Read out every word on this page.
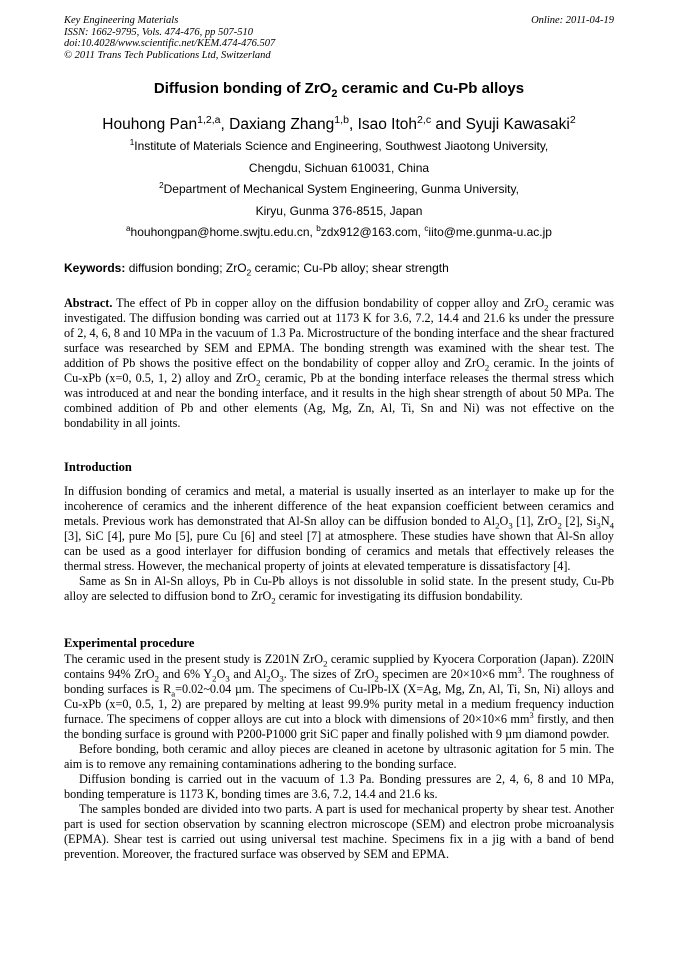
Key Engineering Materials
ISSN: 1662-9795, Vols. 474-476, pp 507-510
doi:10.4028/www.scientific.net/KEM.474-476.507
© 2011 Trans Tech Publications Ltd, Switzerland
Online: 2011-04-19
Diffusion bonding of ZrO$_2$ ceramic and Cu-Pb alloys
Houhong Pan$^{1,2,a}$, Daxiang Zhang$^{1,b}$, Isao Itoh$^{2,c}$ and Syuji Kawasaki$^2$
$^1$Institute of Materials Science and Engineering, Southwest Jiaotong University,
Chengdu, Sichuan 610031, China
$^2$Department of Mechanical System Engineering, Gunma University,
Kiryu, Gunma 376-8515, Japan
$^a$houhongpan@home.swjtu.edu.cn, $^b$zdx912@163.com, $^c$iito@me.gunma-u.ac.jp
Keywords: diffusion bonding; ZrO$_2$ ceramic; Cu-Pb alloy; shear strength

Abstract. The effect of Pb in copper alloy on the diffusion bondability of copper alloy and ZrO$_2$ ceramic was investigated. The diffusion bonding was carried out at 1173 K for 3.6, 7.2, 14.4 and 21.6 ks under the pressure of 2, 4, 6, 8 and 10 MPa in the vacuum of 1.3 Pa. Microstructure of the bonding interface and the shear fractured surface was researched by SEM and EPMA. The bonding strength was examined with the shear test. The addition of Pb shows the positive effect on the bondability of copper alloy and ZrO$_2$ ceramic. In the joints of Cu-xPb (x=0, 0.5, 1, 2) alloy and ZrO$_2$ ceramic, Pb at the bonding interface releases the thermal stress which was introduced at and near the bonding interface, and it results in the high shear strength of about 50 MPa. The combined addition of Pb and other elements (Ag, Mg, Zn, Al, Ti, Sn and Ni) was not effective on the bondability in all joints.

Introduction

In diffusion bonding of ceramics and metal, a material is usually inserted as an interlayer to make up for the incoherence of ceramics and the inherent difference of the heat expansion coefficient between ceramics and metals. Previous work has demonstrated that Al-Sn alloy can be diffusion bonded to $Al_2O_3$ [1], ZrO$_2$ [2], $Si_3N_4$ [3], SiC [4], pure Mo [5], pure Cu [6] and steel [7] at atmosphere. These studies have shown that Al-Sn alloy can be used as a good interlayer for diffusion bonding of ceramics and metals that effectively releases the thermal stress. However, the mechanical property of joints at elevated temperature is dissatisfactory [4].

Same as Sn in Al-Sn alloys, Pb in Cu-Pb alloys is not dissoluble in solid state. In the present study, Cu-Pb alloy are selected to diffusion bond to ZrO$_2$ ceramic for investigating its diffusion bondability.

Experimental procedure

The ceramic used in the present study is Z201N ZrO$_2$ ceramic supplied by Kyocera Corporation (Japan). Z20lN contains 94% ZrO$_2$ and 6% $Y_2O_3$ and $Al_2O_3$. The sizes of ZrO$_2$ specimen are 20×10×6 $mm^3$. The roughness of bonding surfaces is $R_a=0.02\sim 0.04$ µm. The specimens of Cu-lPb-lX (X=Ag, Mg, Zn, Al, Ti, Sn, Ni) alloys and Cu-xPb (x=0, 0.5, 1, 2) are prepared by melting at least 99.9% purity metal in a medium frequency induction furnace. The specimens of copper alloys are cut into a block with dimensions of 20×10×6 $mm^3$ firstly, and then the bonding surface is ground with P200-P1000 grit SiC paper and finally polished with 9 µm diamond powder.

Before bonding, both ceramic and alloy pieces are cleaned in acetone by ultrasonic agitation for 5 min. The aim is to remove any remaining contaminations adhering to the bonding surface.

Diffusion bonding is carried out in the vacuum of 1.3 Pa. Bonding pressures are 2, 4, 6, 8 and 10 MPa, bonding temperature is 1173 K, bonding times are 3.6, 7.2, 14.4 and 21.6 ks.

The samples bonded are divided into two parts. A part is used for mechanical property by shear test. Another part is used for section observation by scanning electron microscope (SEM) and electron probe microanalysis (EPMA). Shear test is carried out using universal test machine. Specimens fix in a jig with a band of bend prevention. Moreover, the fractured surface was observed by SEM and EPMA.
